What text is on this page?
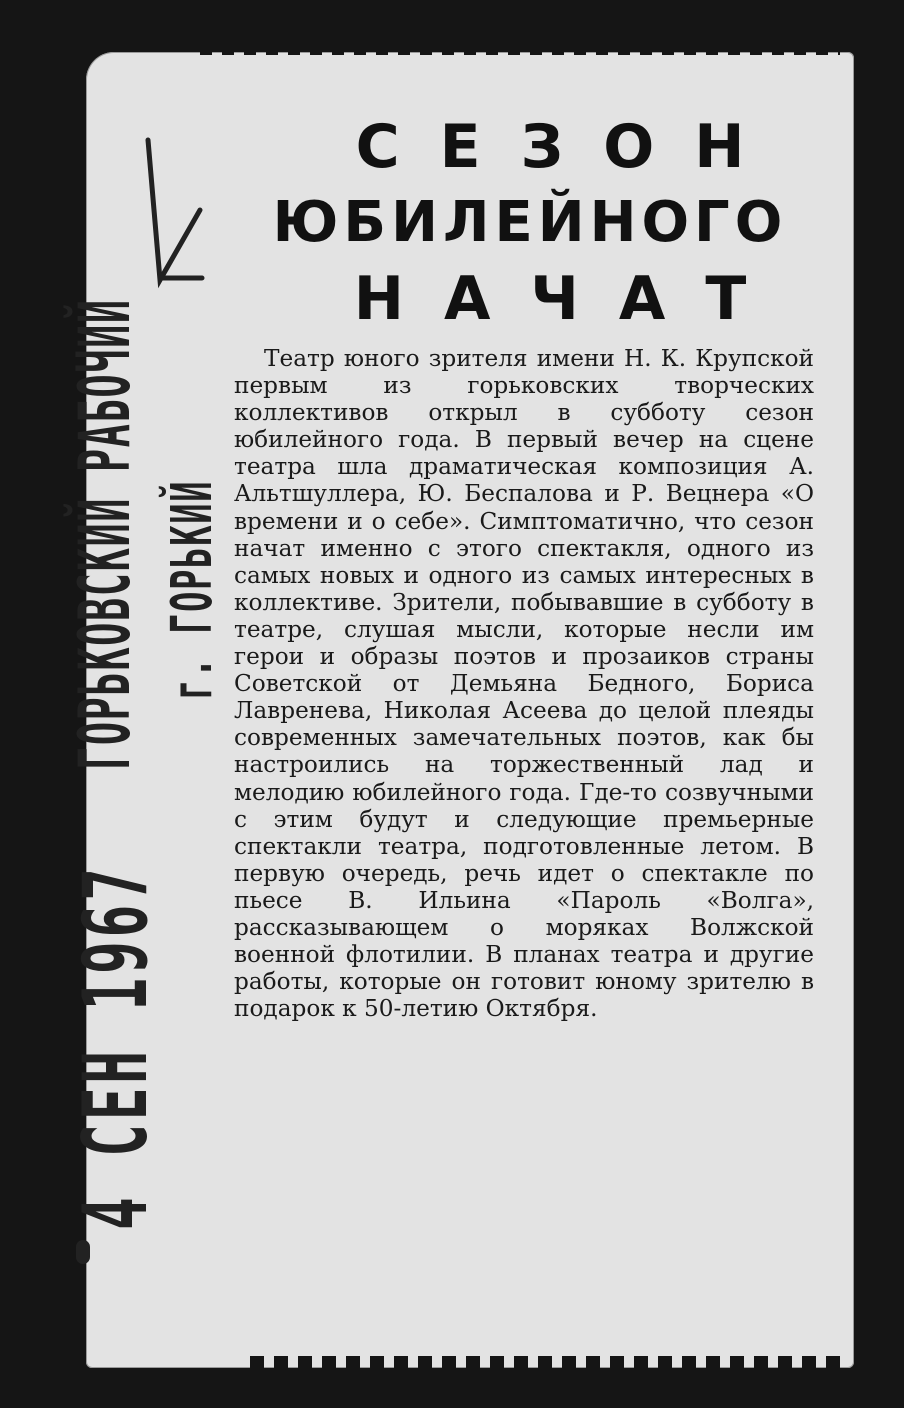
СЕЗОН
ЮБИЛЕЙНОГО
НАЧАТ

Театр юного зрителя имени Н. К. Крупской первым из горьковских творческих коллективов открыл в субботу сезон юбилейного года. В первый вечер на сцене театра шла драматическая композиция А. Альтшуллера, Ю. Беспалова и Р. Вецнера «О времени и о себе». Симптоматично, что сезон начат именно с этого спектакля, одного из самых новых и одного из самых интересных в коллективе. Зрители, побывавшие в субботу в театре, слушая мысли, которые несли им герои и образы поэтов и прозаиков страны Советской от Демьяна Бедного, Бориса Лавренева, Николая Асеева до целой плеяды современных замечательных поэтов, как бы настроились на торжественный лад и мелодию юбилейного года. Где-то созвучными с этим будут и следующие премьерные спектакли театра, подготовленные летом. В первую очередь, речь идет о спектакле по пьесе В. Ильина «Пароль «Волга», рассказывающем о моряках Волжской военной флотилии. В планах театра и другие работы, которые он готовит юному зрителю в подарок к 50-летию Октября.

4 СЕН 1967
ГОРЬКОВСКИЙ РАБОЧИЙ г. ГОРЬКИЙ
